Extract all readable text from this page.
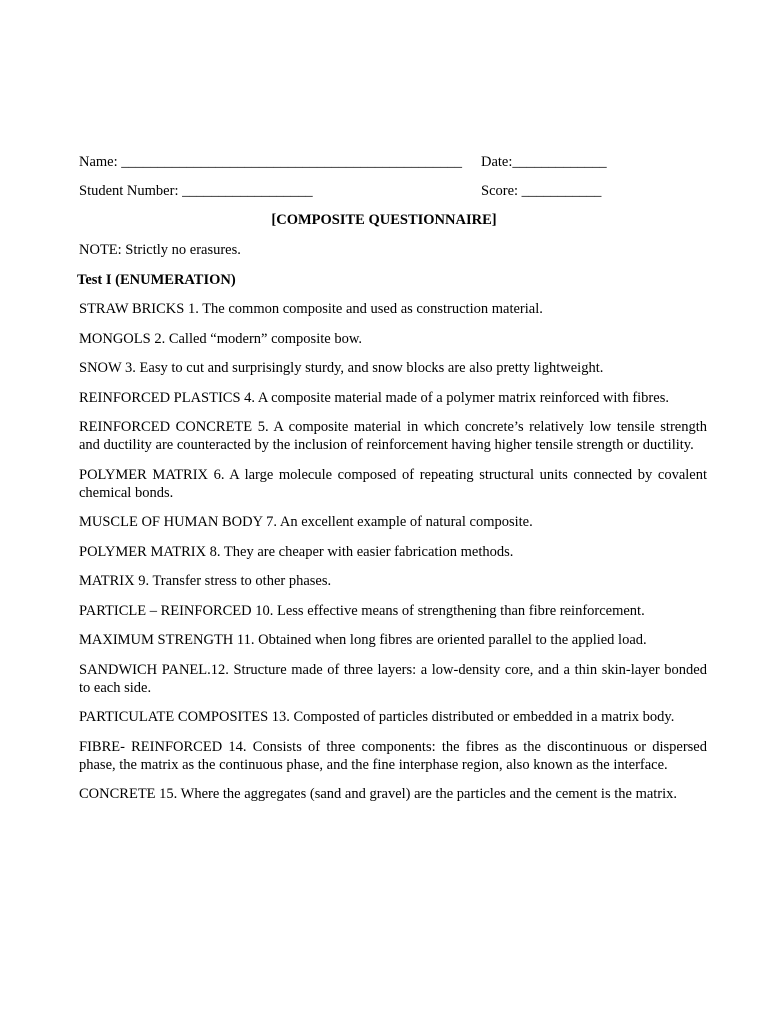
Name: _______________________________________________ Date:_____________
Student Number: __________________	Score: ___________
[COMPOSITE QUESTIONNAIRE]
NOTE: Strictly no erasures.
Test I (ENUMERATION)
STRAW BRICKS 1. The common composite and used as construction material.
MONGOLS 2. Called “modern” composite bow.
SNOW 3. Easy to cut and surprisingly sturdy, and snow blocks are also pretty lightweight.
REINFORCED PLASTICS 4. A composite material made of a polymer matrix reinforced with fibres.
REINFORCED CONCRETE 5. A composite material in which concrete’s relatively low tensile strength and ductility are counteracted by the inclusion of reinforcement having higher tensile strength or ductility.
POLYMER MATRIX 6. A large molecule composed of repeating structural units connected by covalent chemical bonds.
MUSCLE OF HUMAN BODY 7. An excellent example of natural composite.
POLYMER MATRIX 8. They are cheaper with easier fabrication methods.
MATRIX 9. Transfer stress to other phases.
PARTICLE – REINFORCED 10. Less effective means of strengthening than fibre reinforcement.
MAXIMUM STRENGTH 11. Obtained when long fibres are oriented parallel to the applied load.
SANDWICH PANEL.12. Structure made of three layers: a low-density core, and a thin skin-layer bonded to each side.
PARTICULATE COMPOSITES 13. Composted of particles distributed or embedded in a matrix body.
FIBRE- REINFORCED 14. Consists of three components: the fibres as the discontinuous or dispersed phase, the matrix as the continuous phase, and the fine interphase region, also known as the interface.
CONCRETE 15. Where the aggregates (sand and gravel) are the particles and the cement is the matrix.
